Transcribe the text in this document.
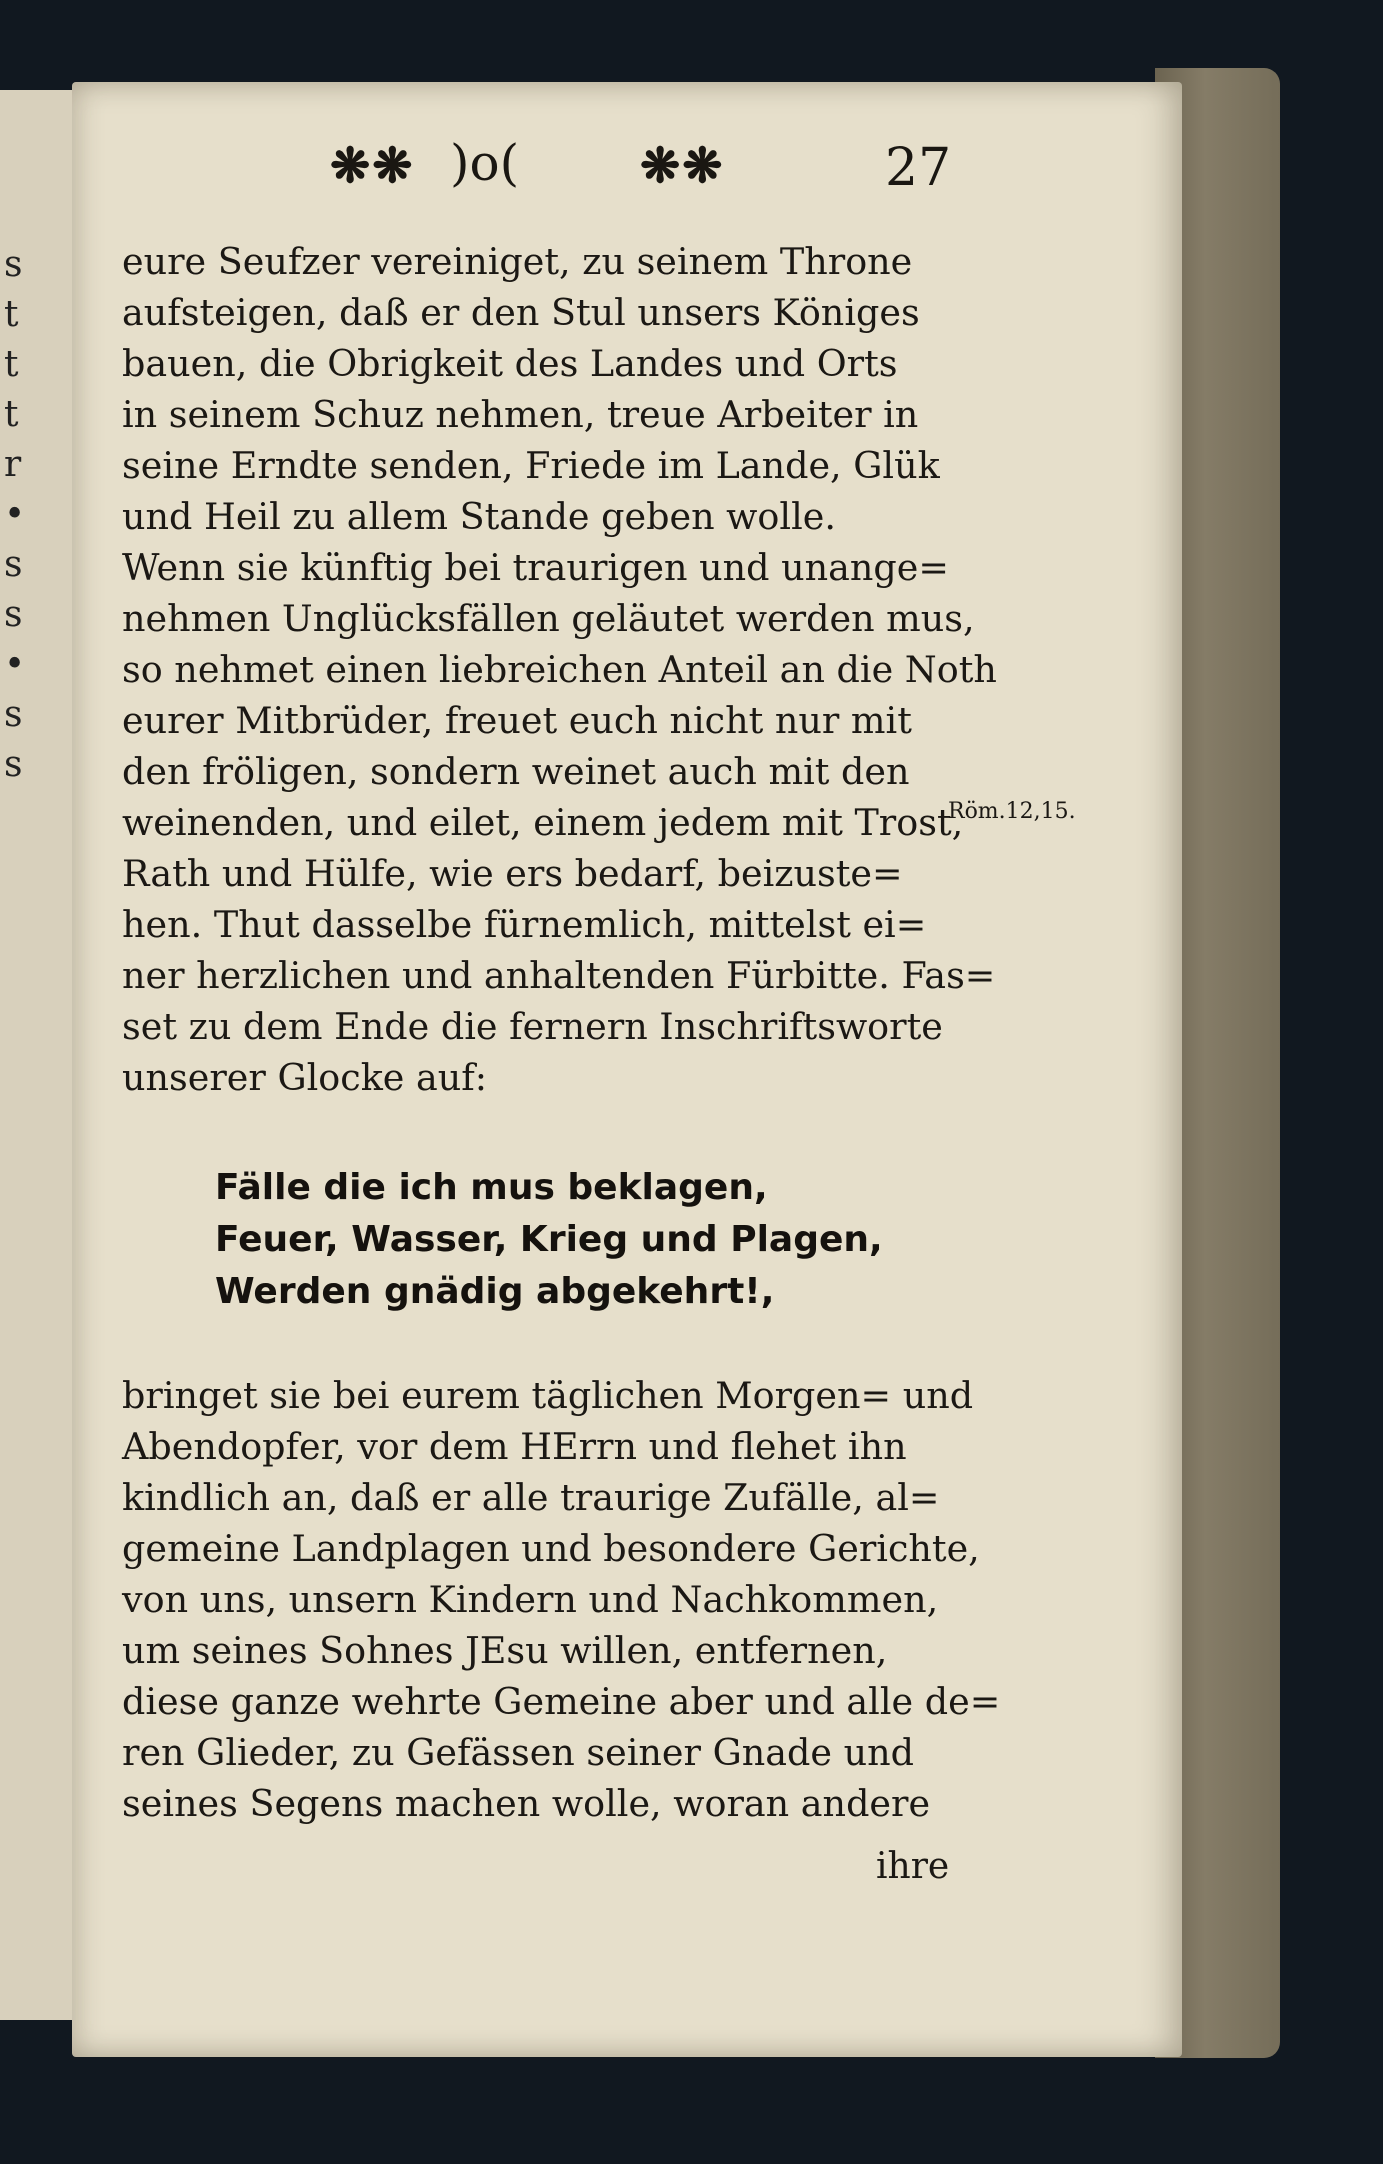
s
t
t
t
r
•
s
s
•
s
s
❋❋ )o(	❋❋	27
eure Seufzer vereiniget, zu seinem Throne
aufsteigen, daß er den Stul unsers Königes
bauen, die Obrigkeit des Landes und Orts
in seinem Schuz nehmen, treue Arbeiter in
seine Erndte senden, Friede im Lande, Glük
und Heil zu allem Stande geben wolle.
Wenn sie künftig bei traurigen und unange=
nehmen Unglücksfällen geläutet werden mus,
so nehmet einen liebreichen Anteil an die Noth
eurer Mitbrüder, freuet euch nicht nur mit
den fröligen, sondern weinet auch mit den
weinenden, und eilet, einem jedem mit Trost,
Rath und Hülfe, wie ers bedarf, beizuste=
hen. Thut dasselbe fürnemlich, mittelst ei=
ner herzlichen und anhaltenden Fürbitte. Fas=
set zu dem Ende die fernern Inschriftsworte
unserer Glocke auf:
Röm.12,15.
Fälle die ich mus beklagen,
Feuer, Wasser, Krieg und Plagen,
Werden gnädig abgekehrt!,
bringet sie bei eurem täglichen Morgen= und
Abendopfer, vor dem HErrn und flehet ihn
kindlich an, daß er alle traurige Zufälle, al=
gemeine Landplagen und besondere Gerichte,
von uns, unsern Kindern und Nachkommen,
um seines Sohnes JEsu willen, entfernen,
diese ganze wehrte Gemeine aber und alle de=
ren Glieder, zu Gefässen seiner Gnade und
seines Segens machen wolle, woran andere
ihre
